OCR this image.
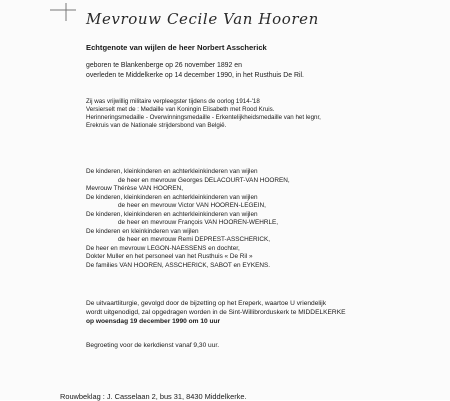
Mevrouw Cecile Van Hooren
Echtgenote van wijlen de heer Norbert Asscherick
geboren te Blankenberge op 26 november 1892 en
overleden te Middelkerke op 14 december 1990, in het Rusthuis De Ril.
Zij was vrijwillig militaire verpleegster tijdens de oorlog 1914-'18
Versierselt met de : Medaille van Koningin Elisabeth met Rood Kruis.
Herinneringsmedaille - Overwinningsmedaille - Erkentelijkheidsmedaille van het legnr,
Erekruis van de Nationale strijdersbond van België.
De kinderen, kleinkinderen en achterkleinkinderen van wijlen
de heer en mevrouw Georges DELACOURT-VAN HOOREN,
Mevrouw Thérèse VAN HOOREN,
De kinderen, kleinkinderen en achterkleinkinderen van wijlen
de heer en mevrouw Victor VAN HOOREN-LEGEIN,
De kinderen, kleinkinderen en achterkleinkinderen van wijlen
de heer en mevrouw François VAN HOOREN-WEHRLE,
De kinderen en kleinkinderen van wijlen
de heer en mevrouw Remi DEPREST-ASSCHERICK,
De heer en mevrouw LEGON-NAESSENS en dochter,
Dokter Muller en het personeel van het Rusthuis « De Ril »
De families VAN HOOREN, ASSCHERICK, SABOT en EYKENS.
De uitvaartliturgie, gevolgd door de bijzetting op het Ereperk, waartoe U vriendelijk
wordt uitgenodigd, zal opgedragen worden in de Sint-Willibrorduskerk te MIDDELKERKE
op woensdag 19 december 1990 om 10 uur
Begroeting voor de kerkdienst vanaf 9,30 uur.
Rouwbeklag : J. Casselaan 2, bus 31, 8430 Middelkerke.
